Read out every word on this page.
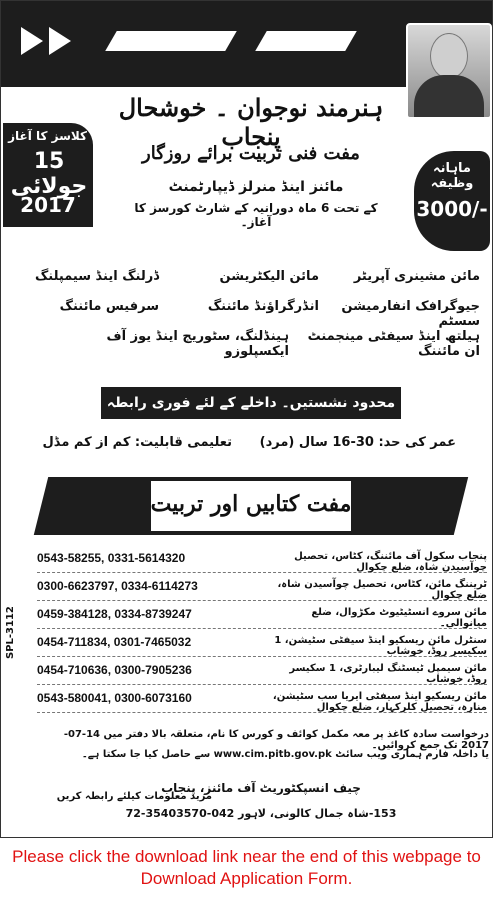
ہنرمند نوجوان ۔ خوشحال پنجاب
مفت فنی تربیت برائے روزگار
مائنز اینڈ منرلز ڈیپارٹمنٹ
کے تحت 6 ماہ دورانیہ کے شارٹ کورسز کا آغاز۔
کلاسز کا آغاز
15 جولائی
2017
ماہانہ وظیفہ
3000/-
مائن مشینری آپریٹر
مائن الیکٹریشن
ڈرلنگ اینڈ سیمپلنگ
جیوگرافک انفارمیشن سسٹم
انڈرگراؤنڈ مائننگ
سرفیس مائننگ
ہیلتھ اینڈ سیفٹی مینجمنٹ ان مائننگ
ہینڈلنگ، سٹوریج اینڈ یوز آف ایکسپلوزو
محدود نشستیں۔ داخلے کے لئے فوری رابطہ کریں۔
عمر کی حد: 30-16 سال (مرد)
تعلیمی قابلیت: کم از کم مڈل
مفت کتابیں اور تربیت
0543-58255, 0331-5614320	پنجاب سکول آف مائننگ، کٹاس، تحصیل چوآسیدن شاہ، ضلع چکوال
0300-6623797, 0334-6114273	ٹریننگ مائن، کٹاس، تحصیل چوآسیدن شاہ، ضلع چکوال
0459-384128, 0334-8739247	مائن سروے انسٹیٹیوٹ مکڑوال، ضلع میانوالی۔
0454-711834, 0301-7465032	سنٹرل مائن ریسکیو اینڈ سیفٹی سٹیشن، 1 سکیسر روڈ، خوشاب
0454-710636, 0300-7905236	مائن سیمپل ٹیسٹنگ لیبارٹری، 1 سکیسر روڈ، خوشاب
0543-580041, 0300-6073160	مائن ریسکیو اینڈ سیفٹی ایریا سب سٹیشن، منارہ، تحصیل کلرکہار، ضلع چکوال
SPL-3112
درخواست سادہ کاغذ پر معہ مکمل کوائف و کورس کا نام، متعلقہ بالا دفتر میں 14-07-2017 تک جمع کروائیں۔
یا داخلہ فارم ہماری ویب سائٹ www.cim.pitb.gov.pk سے حاصل کیا جا سکتا ہے۔
چیف انسپکٹوریٹ آف مائنز، پنجاب
مزید معلومات کیلئے رابطہ کریں
153-شاہ جمال کالونی، لاہور 042-35403570-72
Please click the download link near the end of this webpage to Download Application Form.
